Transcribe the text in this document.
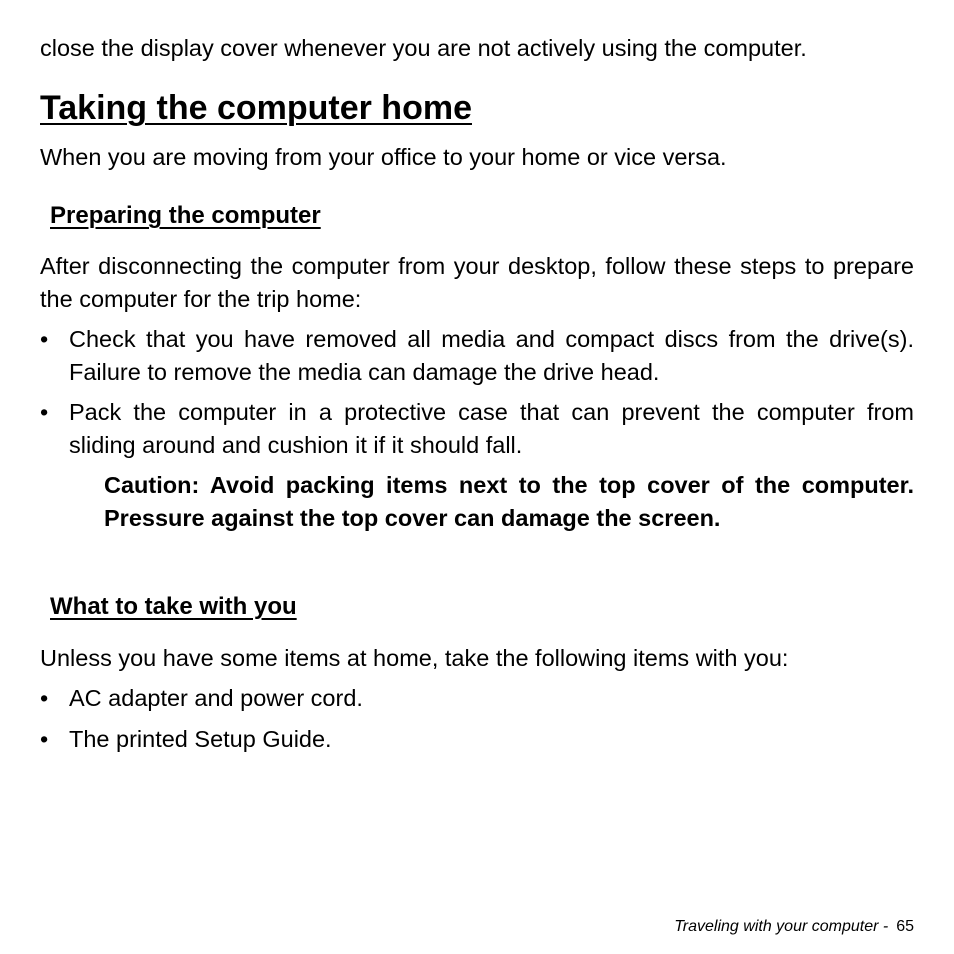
close the display cover whenever you are not actively using the computer.

Taking the computer home

When you are moving from your office to your home or vice versa.

Preparing the computer

After disconnecting the computer from your desktop, follow these steps to prepare the computer for the trip home:

• Check that you have removed all media and compact discs from the drive(s). Failure to remove the media can damage the drive head.
• Pack the computer in a protective case that can prevent the computer from sliding around and cushion it if it should fall.

Caution: Avoid packing items next to the top cover of the computer. Pressure against the top cover can damage the screen.

What to take with you

Unless you have some items at home, take the following items with you:

• AC adapter and power cord.
• The printed Setup Guide.
Traveling with your computer - 65
